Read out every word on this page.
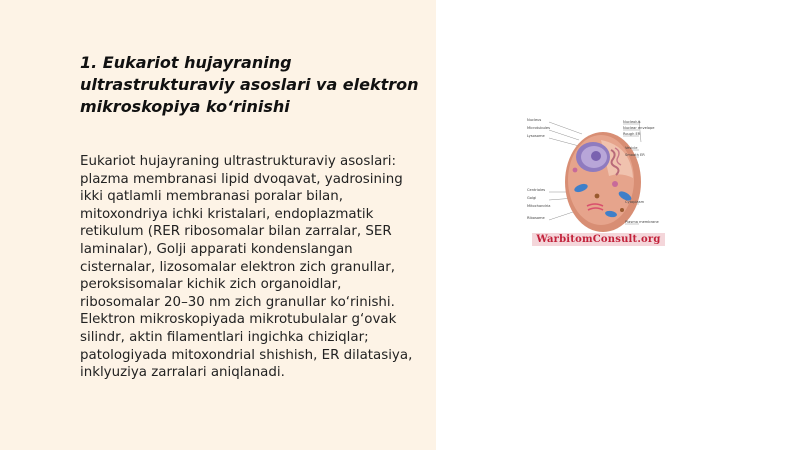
1. Eukariot hujayraning ultrastrukturaviy asoslari va elektron mikroskopiya ko‘rinishi

Eukariot hujayraning ultrastrukturaviy asoslari: plazma membranasi lipid dvoqavat, yadrosining ikki qatlamli membranasi poralar bilan, mitoxondriya ichki kristalari, endoplazmatik retikulum (RER ribosomalar bilan zarralar, SER laminalar), Golji apparati kondenslangan cisternalar, lizosomalar elektron zich granullar, peroksisomalar kichik zich organoidlar, ribosomalar 20–30 nm zich granullar ko‘rinishi. Elektron mikroskopiyada mikrotubulalar g‘ovak silindr, aktin filamentlari ingichka chiziqlar; patologiyada mitoxondrial shishish, ER dilatasiya, inklyuziya zarralari aniqlanadi.

Nucleus
Microtubules
Lysosome
Centrioles
Golgi
Mitochondria
Ribosome
Nucleolus
Nuclear envelope
Rough ER
Vesicle
Smooth ER
Cytoplasm
Plasma membrane
WarbitomConsult.org
